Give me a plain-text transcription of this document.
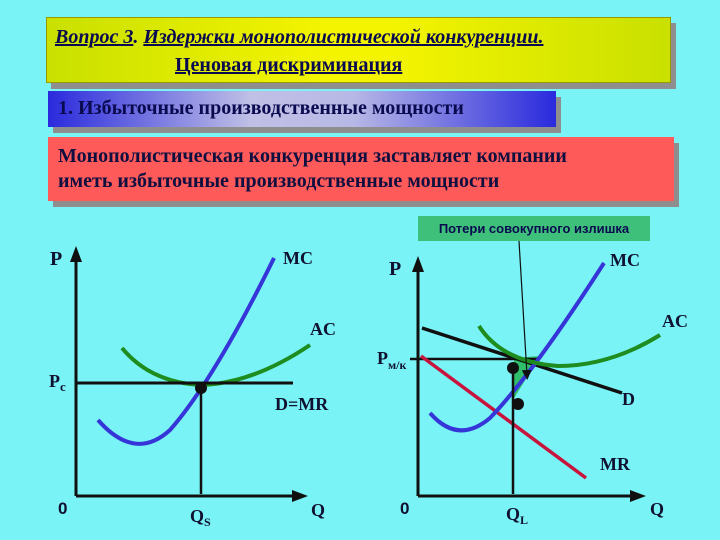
Вопрос 3. Издержки монополистической конкуренции.
Ценовая дискриминация
1. Избыточные производственные мощности
Монополистическая конкуренция заставляет компании
иметь избыточные производственные мощности
P
Q
0
MC
AC
D=MR
$P_c$
$Q_S$
P
Q
0
MC
AC
D
MR
$P_{м/к}$
$Q_L$
Потери совокупного излишка
